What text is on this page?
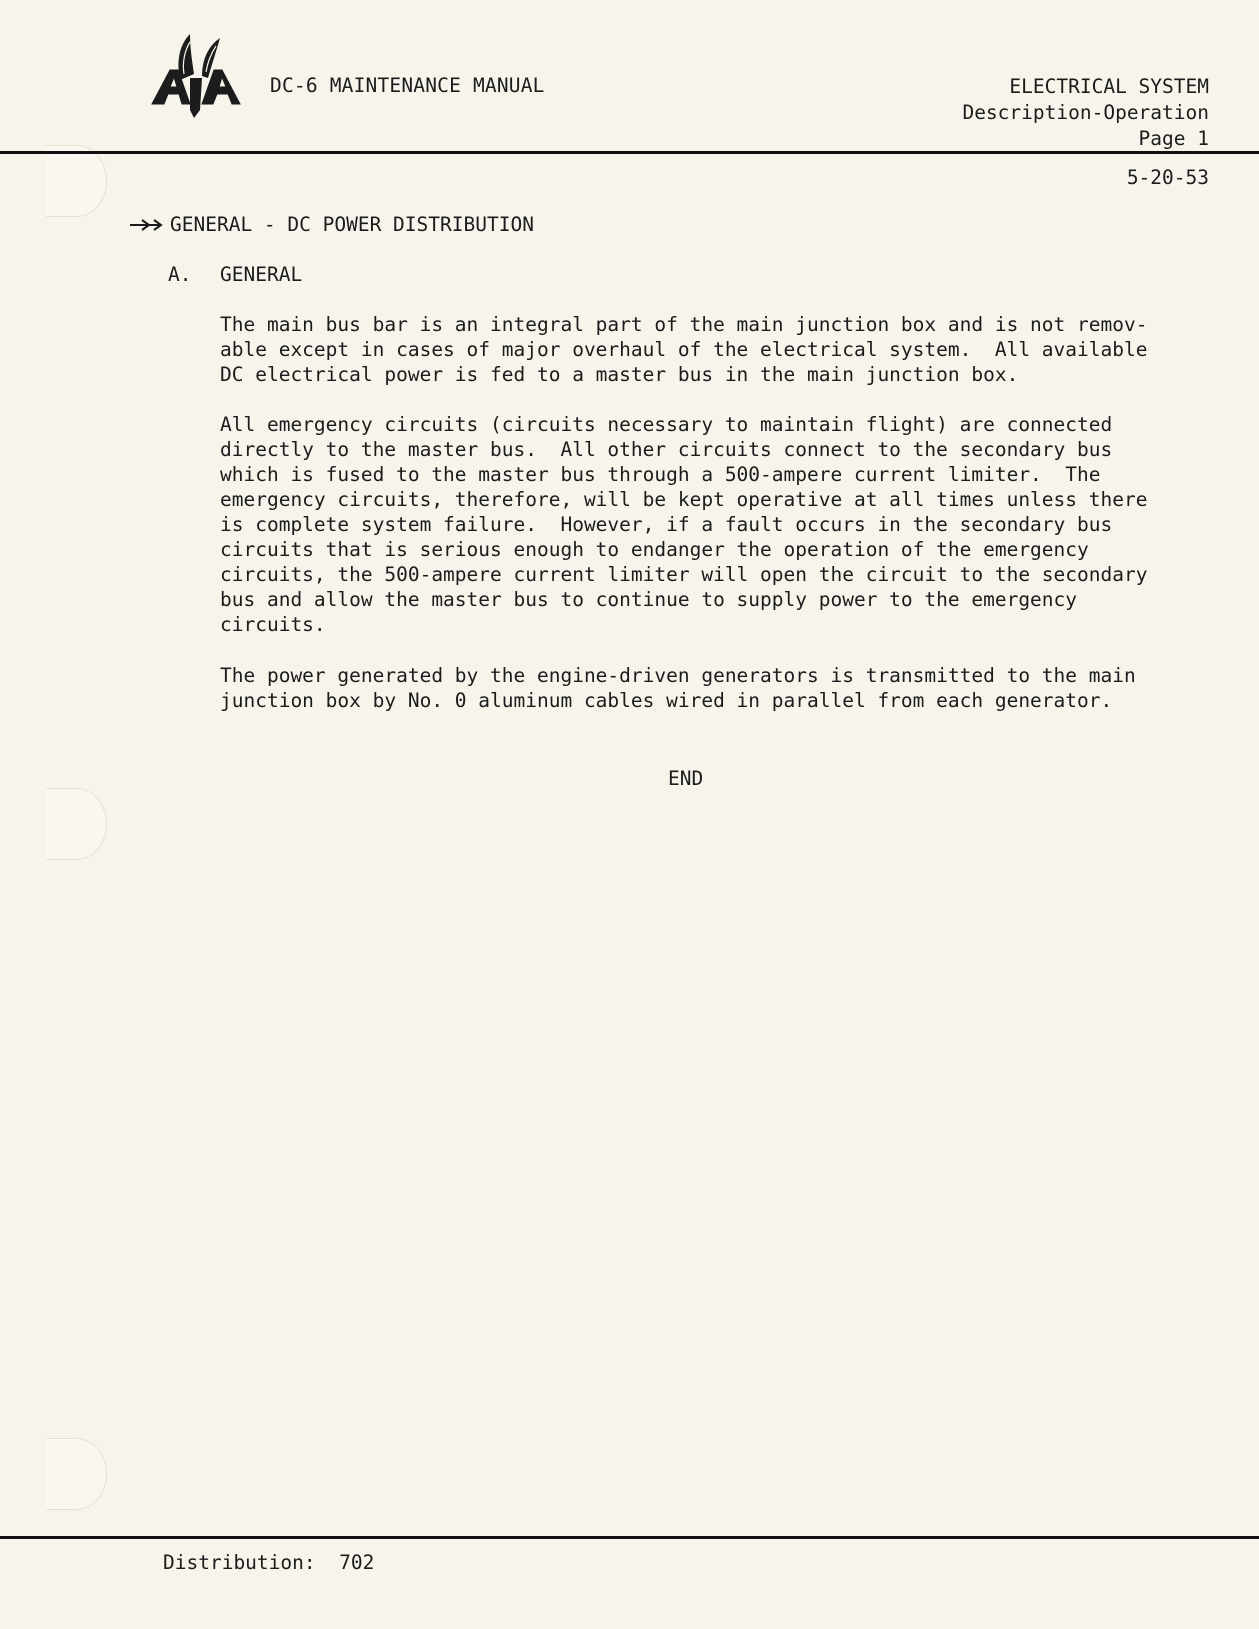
DC-6 MAINTENANCE MANUAL	ELECTRICAL SYSTEM
Description-Operation
Page 1
5-20-53
GENERAL - DC POWER DISTRIBUTION
A. GENERAL
The main bus bar is an integral part of the main junction box and is not remov-
able except in cases of major overhaul of the electrical system.  All available
DC electrical power is fed to a master bus in the main junction box.
All emergency circuits (circuits necessary to maintain flight) are connected
directly to the master bus.  All other circuits connect to the secondary bus
which is fused to the master bus through a 500-ampere current limiter.  The
emergency circuits, therefore, will be kept operative at all times unless there
is complete system failure.  However, if a fault occurs in the secondary bus
circuits that is serious enough to endanger the operation of the emergency
circuits, the 500-ampere current limiter will open the circuit to the secondary
bus and allow the master bus to continue to supply power to the emergency
circuits.
The power generated by the engine-driven generators is transmitted to the main
junction box by No. 0 aluminum cables wired in parallel from each generator.
END
Distribution: 702
